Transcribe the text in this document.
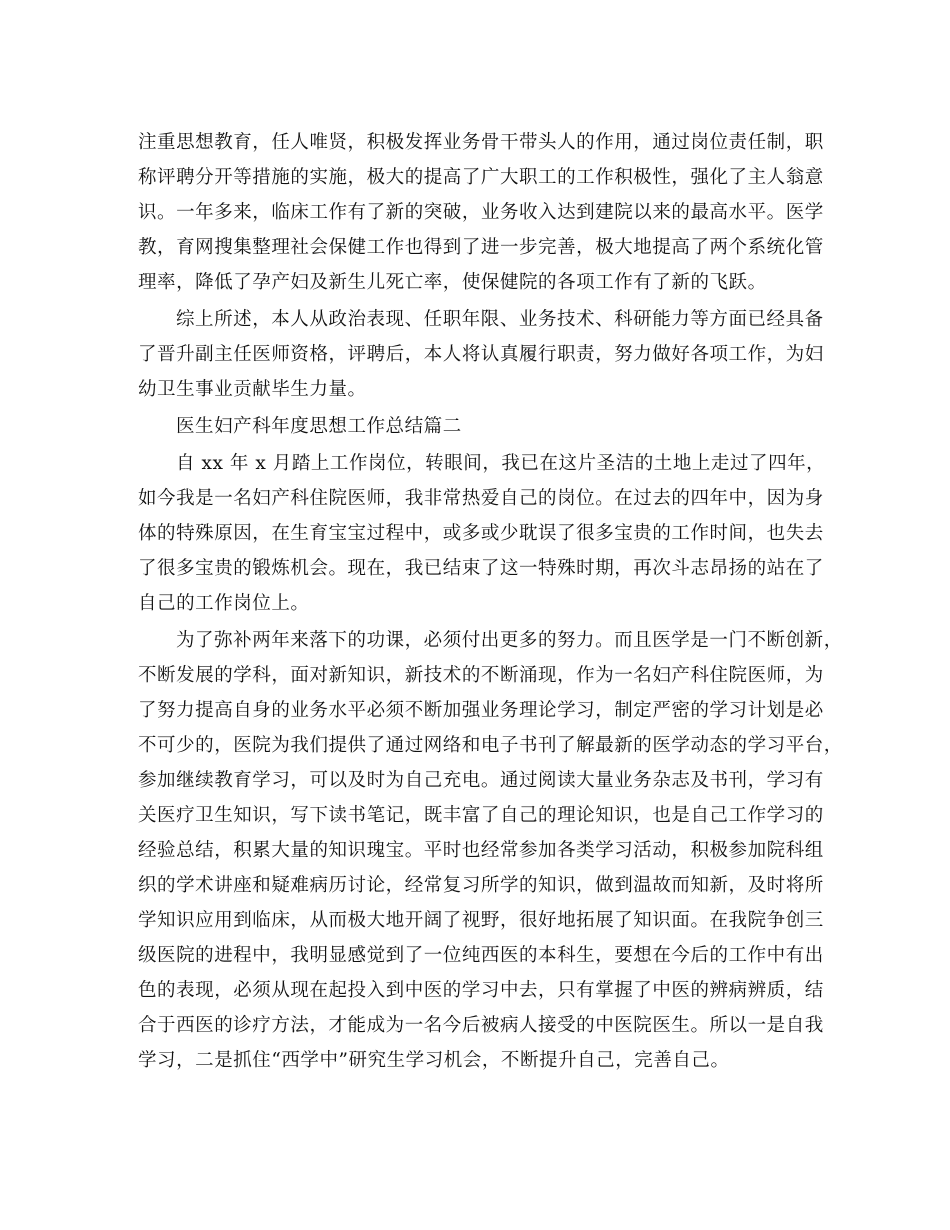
注重思想教育，任人唯贤，积极发挥业务骨干带头人的作用，通过岗位责任制，职
称评聘分开等措施的实施，极大的提高了广大职工的工作积极性，强化了主人翁意
识。一年多来，临床工作有了新的突破，业务收入达到建院以来的最高水平。医学
教，育网搜集整理社会保健工作也得到了进一步完善，极大地提高了两个系统化管
理率，降低了孕产妇及新生儿死亡率，使保健院的各项工作有了新的飞跃。
综上所述，本人从政治表现、任职年限、业务技术、科研能力等方面已经具备
了晋升副主任医师资格，评聘后，本人将认真履行职责，努力做好各项工作，为妇
幼卫生事业贡献毕生力量。
医生妇产科年度思想工作总结篇二
自 xx 年 x 月踏上工作岗位，转眼间，我已在这片圣洁的土地上走过了四年，
如今我是一名妇产科住院医师，我非常热爱自己的岗位。在过去的四年中，因为身
体的特殊原因，在生育宝宝过程中，或多或少耽误了很多宝贵的工作时间，也失去
了很多宝贵的锻炼机会。现在，我已结束了这一特殊时期，再次斗志昂扬的站在了
自己的工作岗位上。
为了弥补两年来落下的功课，必须付出更多的努力。而且医学是一门不断创新，
不断发展的学科，面对新知识，新技术的不断涌现，作为一名妇产科住院医师，为
了努力提高自身的业务水平必须不断加强业务理论学习，制定严密的学习计划是必
不可少的，医院为我们提供了通过网络和电子书刊了解最新的医学动态的学习平台，
参加继续教育学习，可以及时为自己充电。通过阅读大量业务杂志及书刊，学习有
关医疗卫生知识，写下读书笔记，既丰富了自己的理论知识，也是自己工作学习的
经验总结，积累大量的知识瑰宝。平时也经常参加各类学习活动，积极参加院科组
织的学术讲座和疑难病历讨论，经常复习所学的知识，做到温故而知新，及时将所
学知识应用到临床，从而极大地开阔了视野，很好地拓展了知识面。在我院争创三
级医院的进程中，我明显感觉到了一位纯西医的本科生，要想在今后的工作中有出
色的表现，必须从现在起投入到中医的学习中去，只有掌握了中医的辨病辨质，结
合于西医的诊疗方法，才能成为一名今后被病人接受的中医院医生。所以一是自我
学习，二是抓住“西学中”研究生学习机会，不断提升自己，完善自己。
